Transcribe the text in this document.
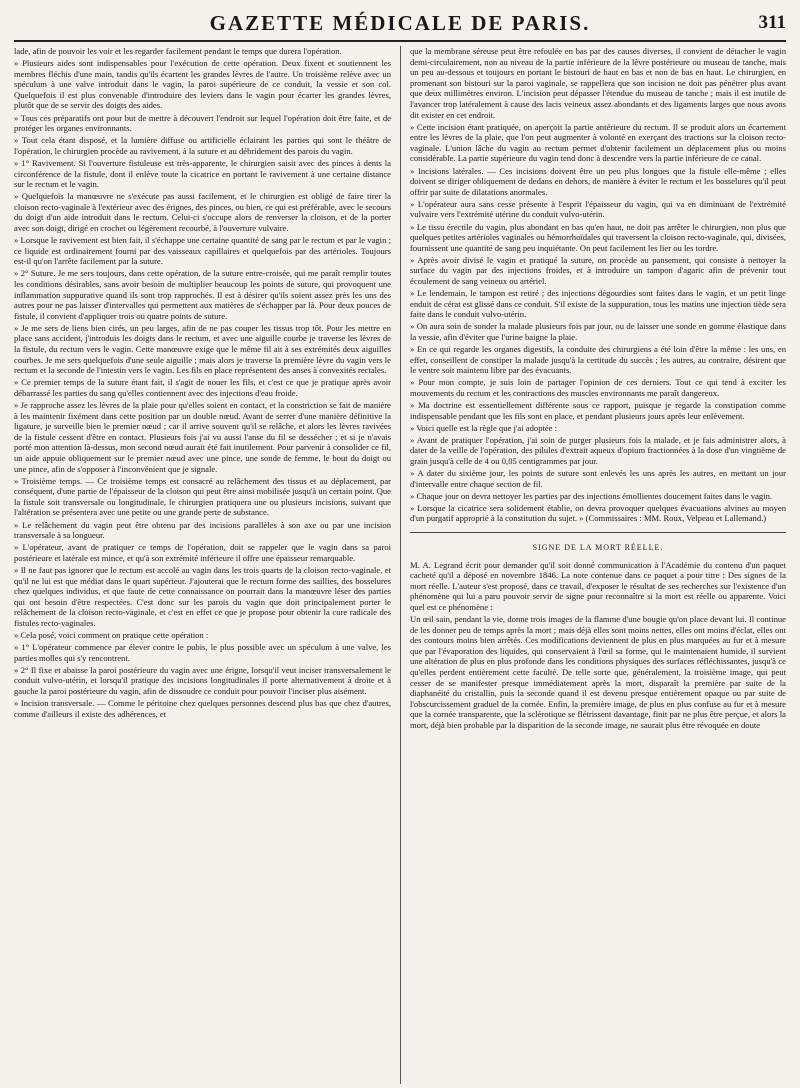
GAZETTE MÉDICALE DE PARIS.	311

lade, afin de pouvoir les voir et les regarder facilement pendant le temps que durera l'opération.

» Plusieurs aides sont indispensables pour l'exécution de cette opération. Deux fixent et soutiennent les membres fléchis d'une main, tandis qu'ils écartent les grandes lèvres de l'autre. Un troisième relève avec un spéculum à une valve introduit dans le vagin, la paroi supérieure de ce conduit, la vessie et son col. Quelquefois il est plus convenable d'introduire des leviers dans le vagin pour écarter les grandes lèvres, plutôt que de se servir des doigts des aides.

» Tous ces préparatifs ont pour but de mettre à découvert l'endroit sur lequel l'opération doit être faite, et de protéger les organes environnants.

» Tout cela étant disposé, et la lumière diffuse ou artificielle éclairant les parties qui sont le théâtre de l'opération, le chirurgien procède au ravivement, à la suture et au débridement des parois du vagin.

» 1° Ravivement. Si l'ouverture fistuleuse est très-apparente, le chirurgien saisit avec des pinces à dents la circonférence de la fistule, dont il enlève toute la cicatrice en portant le ravivement à une certaine distance sur le rectum et le vagin.

» Quelquefois la manœuvre ne s'exécute pas aussi facilement, et le chirurgien est obligé de faire tirer la cloison recto-vaginale à l'extérieur avec des érignes, des pinces, ou bien, ce qui est préférable, avec le secours du doigt d'un aide introduit dans le rectum. Celui-ci s'occupe alors de renverser la cloison, et de la porter avec son doigt, dirigé en crochet ou légèrement recourbé, à l'ouverture vulvaire.

» Lorsque le ravivement est bien fait, il s'échappe une certaine quantité de sang par le rectum et par le vagin ; ce liquide est ordinairement fourni par des vaisseaux capillaires et quelquefois par des artérioles. Toujours est-il qu'on l'arrête facilement par la suture.

» 2° Suture. Je me sers toujours, dans cette opération, de la suture entre-croisée, qui me paraît remplir toutes les conditions désirables, sans avoir besoin de multiplier beaucoup les points de suture, qui provoquent une inflammation suppurative quand ils sont trop rapprochés. Il est à désirer qu'ils soient assez près les uns des autres pour ne pas laisser d'intervalles qui permettent aux matières de s'échapper par là. Pour deux pouces de fistule, il convient d'appliquer trois ou quatre points de suture.

» Je me sers de liens bien cirés, un peu larges, afin de ne pas couper les tissus trop tôt. Pour les mettre en place sans accident, j'introduis les doigts dans le rectum, et avec une aiguille courbe je traverse les lèvres de la fistule, du rectum vers le vagin. Cette manœuvre exige que le même fil ait à ses extrémités deux aiguilles courbes. Je me sers quelquefois d'une seule aiguille ; mais alors je traverse la première lèvre du vagin vers le rectum et la seconde de l'intestin vers le vagin. Les fils en place représentent des anses à convexités rectales.

» Ce premier temps de la suture étant fait, il s'agit de nouer les fils, et c'est ce que je pratique après avoir débarrassé les parties du sang qu'elles contiennent avec des injections d'eau froide.

» Je rapproche assez les lèvres de la plaie pour qu'elles soient en contact, et la constriction se fait de manière à les maintenir fixément dans cette position par un double nœud. Avant de serrer d'une manière définitive la ligature, je surveille bien le premier nœud ; car il arrive souvent qu'il se relâche, et alors les lèvres ravivées de la fistule cessent d'être en contact. Plusieurs fois j'ai vu aussi l'anse du fil se dessécher ; et si je n'avais porté mon attention là-dessus, mon second nœud aurait été fait inutilement. Pour parvenir à consolider ce fil, un aide appuie obliquement sur le premier nœud avec une pince, une sonde de femme, le bout du doigt ou une pince, afin de s'opposer à l'inconvénient que je signale.

» Troisième temps. — Ce troisième temps est consacré au relâchement des tissus et au déplacement, par conséquent, d'une partie de l'épaisseur de la cloison qui peut être ainsi mobilisée jusqu'à un certain point. Que la fistule soit transversale ou longitudinale, le chirurgien pratiquera une ou plusieurs incisions, suivant que l'altération se présentera avec une petite ou une grande perte de substance.

» Le relâchement du vagin peut être obtenu par des incisions parallèles à son axe ou par une incision transversale à sa longueur.

» L'opérateur, avant de pratiquer ce temps de l'opération, doit se rappeler que le vagin dans sa paroi postérieure et latérale est mince, et qu'à son extrémité inférieure il offre une épaisseur remarquable.

» Il ne faut pas ignorer que le rectum est accolé au vagin dans les trois quarts de la cloison recto-vaginale, et qu'il ne lui est que médiat dans le quart supérieur. J'ajouterai que le rectum forme des saillies, des bosselures chez quelques individus, et que faute de cette connaissance on pourrait dans la manœuvre léser des parties qui ont besoin d'être respectées. C'est donc sur les parois du vagin que doit principalement porter le relâchement de la cloison recto-vaginale, et c'est en effet ce que je propose pour obtenir la cure radicale des fistules recto-vaginales.

» Cela posé, voici comment on pratique cette opération :

» 1° L'opérateur commence par élever contre le pubis, le plus possible avec un spéculum à une valve, les parties molles qui s'y rencontrent.

» 2° Il fixe et abaisse la paroi postérieure du vagin avec une érigne, lorsqu'il veut inciser transversalement le conduit vulvo-utérin, et lorsqu'il pratique des incisions longitudinales il porte alternativement à droite et à gauche la paroi postérieure du vagin, afin de dissoudre ce conduit pour pouvoir l'inciser plus aisément.

» Incision transversale. — Comme le péritoine chez quelques personnes descend plus bas que chez d'autres, comme d'ailleurs il existe des adhérences, et

que la membrane séreuse peut être refoulée en bas par des causes diverses, il convient de détacher le vagin demi-circulairement, non au niveau de la partie inférieure de la lèvre postérieure ou museau de tanche, mais un peu au-dessous et toujours en portant le bistouri de haut en bas et non de bas en haut. Le chirurgien, en promenant son bistouri sur la paroi vaginale, se rappellera que son incision ne doit pas pénétrer plus avant que deux millimètres environ. L'incision peut dépasser l'étendue du museau de tanche ; mais il est inutile de l'avancer trop latéralement à cause des lacis veineux assez abondants et des ligaments larges que nous avons dit exister en cet endroit.

» Cette incision étant pratiquée, on aperçoit la partie antérieure du rectum. Il se produit alors un écartement entre les lèvres de la plaie, que l'on peut augmenter à volonté en exerçant des tractions sur la cloison recto-vaginale. L'union lâche du vagin au rectum permet d'obtenir facilement un déplacement plus ou moins considérable. La partie supérieure du vagin tend donc à descendre vers la partie inférieure de ce canal.

» Incisions latérales. — Ces incisions doivent être un peu plus longues que la fistule elle-même ; elles doivent se diriger obliquement de dedans en dehors, de manière à éviter le rectum et les bosselures qu'il peut offrir par suite de dilatations anormales.

» L'opérateur aura sans cesse présente à l'esprit l'épaisseur du vagin, qui va en diminuant de l'extrémité vulvaire vers l'extrémité utérine du conduit vulvo-utérin.

» Le tissu érectile du vagin, plus abondant en bas qu'en haut, ne doit pas arrêter le chirurgien, non plus que quelques petites artérioles vaginales ou hémorrhoïdales qui traversent la cloison recto-vaginale, qui, divisées, fournissent une quantité de sang peu inquiétante. On peut facilement les lier ou les tordre.

» Après avoir divisé le vagin et pratiqué la suture, on procède au pansement, qui consiste à nettoyer la surface du vagin par des injections froides, et à introduire un tampon d'agaric afin de prévenir tout écoulement de sang veineux ou artériel.

» Le lendemain, le tampon est retiré ; des injections dégourdies sont faites dans le vagin, et un petit linge enduit de cérat est glissé dans ce conduit. S'il existe de la suppuration, tous les matins une injection tiède sera faite dans le conduit vulvo-utérin.

» On aura soin de sonder la malade plusieurs fois par jour, ou de laisser une sonde en gomme élastique dans la vessie, afin d'éviter que l'urine baigne la plaie.

» En ce qui regarde les organes digestifs, la conduite des chirurgiens a été loin d'être la même : les uns, en effet, conseillent de constiper la malade jusqu'à la certitude du succès ; les autres, au contraire, désirent que le ventre soit maintenu libre par des évacuants.

» Pour mon compte, je suis loin de partager l'opinion de ces derniers. Tout ce qui tend à exciter les mouvements du rectum et les contractions des muscles environnants me paraît dangereux.

» Ma doctrine est essentiellement différente sous ce rapport, puisque je regarde la constipation comme indispensable pendant que les fils sont en place, et pendant plusieurs jours après leur enlèvement.

» Voici quelle est la règle que j'ai adoptée :

» Avant de pratiquer l'opération, j'ai soin de purger plusieurs fois la malade, et je fais administrer alors, à dater de la veille de l'opération, des pilules d'extrait aqueux d'opium fractionnées à la dose d'un vingtième de grain jusqu'à celle de 4 ou 0,05 centigrammes par jour.

» A dater du sixième jour, les points de suture sont enlevés les uns après les autres, en mettant un jour d'intervalle entre chaque section de fil.

» Chaque jour on devra nettoyer les parties par des injections émollientes doucement faites dans le vagin.

» Lorsque la cicatrice sera solidement établie, on devra provoquer quelques évacuations alvines au moyen d'un purgatif approprié à la constitution du sujet. » (Commissaires : MM. Roux, Velpeau et Lallemand.)

SIGNE DE LA MORT RÉELLE.

M. A. Legrand écrit pour demander qu'il soit donné communication à l'Académie du contenu d'un paquet cacheté qu'il a déposé en novembre 1846. La note contenue dans ce paquet a pour titre : Des signes de la mort réelle. L'auteur s'est proposé, dans ce travail, d'exposer le résultat de ses recherches sur l'existence d'un phénomène qui lui a paru pouvoir servir de signe pour reconnaître si la mort est réelle ou apparente. Voici quel est ce phénomène :

Un œil sain, pendant la vie, donne trois images de la flamme d'une bougie qu'on place devant lui. Il continue de les donner peu de temps après la mort ; mais déjà elles sont moins nettes, elles ont moins d'éclat, elles ont des contours moins bien arrêtés. Ces modifications deviennent de plus en plus marquées au fur et à mesure que par l'évaporation des liquides, qui conservaient à l'œil sa forme, qui le maintenaient humide, il survient une altération de plus en plus profonde dans les conditions physiques des surfaces réfléchissantes, jusqu'à ce qu'elles perdent entièrement cette faculté. De telle sorte que, généralement, la troisième image, qui peut cesser de se manifester presque immédiatement après la mort, disparaît la première par suite de la diaphanéité du cristallin, puis la seconde quand il est devenu presque entièrement opaque ou par suite de l'obscurcissement graduel de la cornée. Enfin, la première image, de plus en plus confuse au fur et à mesure que la cornée transparente, que la sclérotique se flétrissent davantage, finit par ne plus être perçue, et alors la mort, déjà bien probable par la disparition de la seconde image, ne saurait plus être révoquée en doute
